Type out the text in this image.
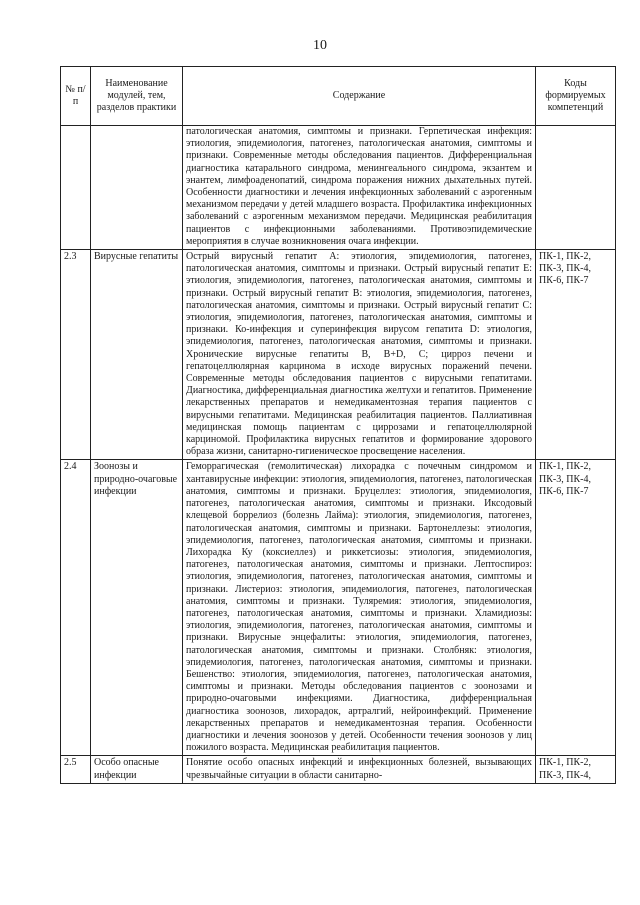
10
№ п/п	Наименование модулей, тем, разделов практики	Содержание	Коды формируемых компетенций
		патологическая анатомия, симптомы и признаки. Герпетическая инфекция: этиология, эпидемиология, патогенез, патологическая анатомия, симптомы и признаки. Современные методы обследования пациентов. Дифференциальная диагностика катарального синдрома, менингеального синдрома, экзантем и энантем, лимфоаденопатий, синдрома поражения нижних дыхательных путей. Особенности диагностики и лечения инфекционных заболеваний с аэрогенным механизмом передачи у детей младшего возраста. Профилактика инфекционных заболеваний с аэрогенным механизмом передачи. Медицинская реабилитация пациентов с инфекционными заболеваниями. Противоэпидемические мероприятия в случае возникновения очага инфекции.	
2.3	Вирусные гепатиты	Острый вирусный гепатит А: этиология, эпидемиология, патогенез, патологическая анатомия, симптомы и признаки. Острый вирусный гепатит Е: этиология, эпидемиология, патогенез, патологическая анатомия, симптомы и признаки. Острый вирусный гепатит В: этиология, эпидемиология, патогенез, патологическая анатомия, симптомы и признаки. Острый вирусный гепатит С: этиология, эпидемиология, патогенез, патологическая анатомия, симптомы и признаки. Ко-инфекция и суперинфекция вирусом гепатита D: этиология, эпидемиология, патогенез, патологическая анатомия, симптомы и признаки. Хронические вирусные гепатиты В, В+D, С; цирроз печени и гепатоцеллюлярная карцинома в исходе вирусных поражений печени. Современные методы обследования пациентов с вирусными гепатитами. Диагностика, дифференциальная диагностика желтухи и гепатитов. Применение лекарственных препаратов и немедикаментозная терапия пациентов с вирусными гепатитами. Медицинская реабилитация пациентов. Паллиативная медицинская помощь пациентам с циррозами и гепатоцеллюлярной карциномой. Профилактика вирусных гепатитов и формирование здорового образа жизни, санитарно-гигиеническое просвещение населения.	ПК-1, ПК-2, ПК-3, ПК-4, ПК-6, ПК-7
2.4	Зоонозы и природно-очаговые инфекции	Геморрагическая (гемолитическая) лихорадка с почечным синдромом и хантавирусные инфекции: этиология, эпидемиология, патогенез, патологическая анатомия, симптомы и признаки. Бруцеллез: этиология, эпидемиология, патогенез, патологическая анатомия, симптомы и признаки. Иксодовый клещевой боррелиоз (болезнь Лайма): этиология, эпидемиология, патогенез, патологическая анатомия, симптомы и признаки. Бартонеллезы: этиология, эпидемиология, патогенез, патологическая анатомия, симптомы и признаки. Лихорадка Ку (коксиеллез) и риккетсиозы: этиология, эпидемиология, патогенез, патологическая анатомия, симптомы и признаки. Лептоспироз: этиология, эпидемиология, патогенез, патологическая анатомия, симптомы и признаки. Листериоз: этиология, эпидемиология, патогенез, патологическая анатомия, симптомы и признаки. Туляремия: этиология, эпидемиология, патогенез, патологическая анатомия, симптомы и признаки. Хламидиозы: этиология, эпидемиология, патогенез, патологическая анатомия, симптомы и признаки. Вирусные энцефалиты: этиология, эпидемиология, патогенез, патологическая анатомия, симптомы и признаки. Столбняк: этиология, эпидемиология, патогенез, патологическая анатомия, симптомы и признаки. Бешенство: этиология, эпидемиология, патогенез, патологическая анатомия, симптомы и признаки. Методы обследования пациентов с зоонозами и природно-очаговыми инфекциями. Диагностика, дифференциальная диагностика зоонозов, лихорадок, артралгий, нейроинфекций. Применение лекарственных препаратов и немедикаментозная терапия. Особенности диагностики и лечения зоонозов у детей. Особенности течения зоонозов у лиц пожилого возраста. Медицинская реабилитация пациентов.	ПК-1, ПК-2, ПК-3, ПК-4, ПК-6, ПК-7
2.5	Особо опасные инфекции	Понятие особо опасных инфекций и инфекционных болезней, вызывающих чрезвычайные ситуации в области санитарно-	ПК-1, ПК-2, ПК-3, ПК-4,
